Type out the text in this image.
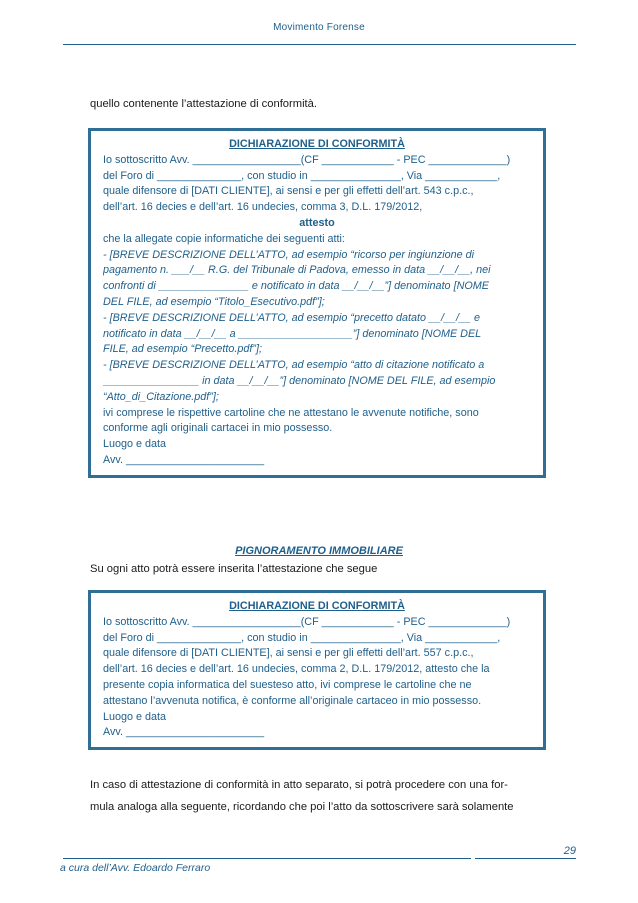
Movimento Forense
quello contenente l’attestazione di conformità.
DICHIARAZIONE DI CONFORMITÀ
Io sottoscritto Avv. __________________(CF ____________ - PEC _____________)
del Foro di ______________, con studio in _______________, Via ____________,
quale difensore di [DATI CLIENTE], ai sensi e per gli effetti dell’art. 543 c.p.c.,
dell’art. 16 decies e dell’art. 16 undecies, comma 3, D.L. 179/2012,
attesto
che la allegate copie informatiche dei seguenti atti:
- [BREVE DESCRIZIONE DELL’ATTO, ad esempio “ricorso per ingiunzione di
pagamento n. ___/__ R.G. del Tribunale di Padova, emesso in data __/__/__, nei
confronti di _______________ e notificato in data __/__/__”] denominato [NOME
DEL FILE, ad esempio “Titolo_Esecutivo.pdf”];
- [BREVE DESCRIZIONE DELL’ATTO, ad esempio “precetto datato __/__/__ e
notificato in data __/__/__ a ___________________”] denominato [NOME DEL
FILE, ad esempio “Precetto.pdf”];
- [BREVE DESCRIZIONE DELL’ATTO, ad esempio “atto di citazione notificato a
________________ in data __/__/__”] denominato [NOME DEL FILE, ad esempio
“Atto_di_Citazione.pdf”];
ivi comprese le rispettive cartoline che ne attestano le avvenute notifiche, sono
conforme agli originali cartacei in mio possesso.
Luogo e data
Avv. _______________________
PIGNORAMENTO IMMOBILIARE
Su ogni atto potrà essere inserita l’attestazione che segue
DICHIARAZIONE DI CONFORMITÀ
Io sottoscritto Avv. __________________(CF ____________ - PEC _____________)
del Foro di ______________, con studio in _______________, Via ____________,
quale difensore di [DATI CLIENTE], ai sensi e per gli effetti dell’art. 557 c.p.c.,
dell’art. 16 decies e dell’art. 16 undecies, comma 2, D.L. 179/2012, attesto che la
presente copia informatica del suesteso atto, ivi comprese le cartoline che ne
attestano l’avvenuta notifica, è conforme all’originale cartaceo in mio possesso.
Luogo e data
Avv. _______________________
In caso di attestazione di conformità in atto separato, si potrà procedere con una for-
mula analoga alla seguente, ricordando che poi l’atto da sottoscrivere sarà solamente
29
a cura dell’Avv. Edoardo Ferraro
